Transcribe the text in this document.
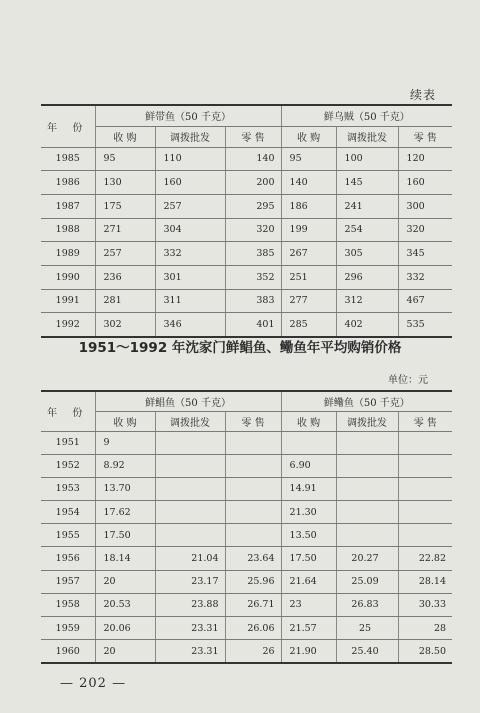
续表
年 份	鲜带鱼（50 千克）			鲜乌贼（50 千克）		
	收 购	调拨批发	零 售	收 购	调拨批发	零 售
1985	95	110	140	95	100	120
1986	130	160	200	140	145	160
1987	175	257	295	186	241	300
1988	271	304	320	199	254	320
1989	257	332	385	267	305	345
1990	236	301	352	251	296	332
1991	281	311	383	277	312	467
1992	302	346	401	285	402	535
1951～1992 年沈家门鲜鲳鱼、鳓鱼年平均购销价格
单位：元
年 份	鲜鲳鱼（50 千克）			鲜鳓鱼（50 千克）		
	收 购	调拨批发	零 售	收 购	调拨批发	零 售
1951	9					
1952	8.92			6.90		
1953	13.70			14.91		
1954	17.62			21.30		
1955	17.50			13.50		
1956	18.14	21.04	23.64	17.50	20.27	22.82
1957	20	23.17	25.96	21.64	25.09	28.14
1958	20.53	23.88	26.71	23	26.83	30.33
1959	20.06	23.31	26.06	21.57	25	28
1960	20	23.31	26	21.90	25.40	28.50
— 202 —
